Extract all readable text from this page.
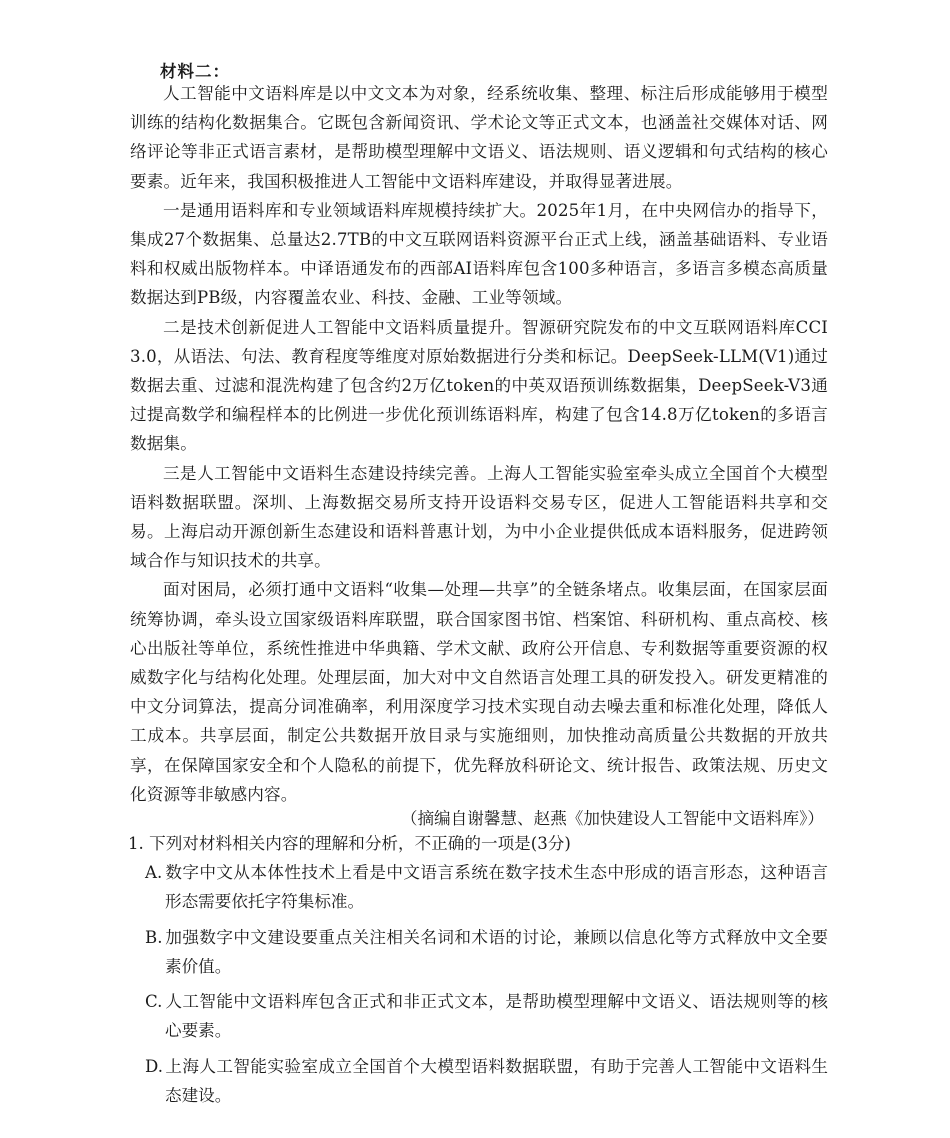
材料二：

人工智能中文语料库是以中文文本为对象，经系统收集、整理、标注后形成能够用于模型训练的结构化数据集合。它既包含新闻资讯、学术论文等正式文本，也涵盖社交媒体对话、网络评论等非正式语言素材，是帮助模型理解中文语义、语法规则、语义逻辑和句式结构的核心要素。近年来，我国积极推进人工智能中文语料库建设，并取得显著进展。

一是通用语料库和专业领域语料库规模持续扩大。2025年1月，在中央网信办的指导下，集成27个数据集、总量达2.7TB的中文互联网语料资源平台正式上线，涵盖基础语料、专业语料和权威出版物样本。中译语通发布的西部AI语料库包含100多种语言，多语言多模态高质量数据达到PB级，内容覆盖农业、科技、金融、工业等领域。

二是技术创新促进人工智能中文语料质量提升。智源研究院发布的中文互联网语料库CCI 3.0，从语法、句法、教育程度等维度对原始数据进行分类和标记。DeepSeek-LLM(V1)通过数据去重、过滤和混洗构建了包含约2万亿token的中英双语预训练数据集，DeepSeek-V3通过提高数学和编程样本的比例进一步优化预训练语料库，构建了包含14.8万亿token的多语言数据集。

三是人工智能中文语料生态建设持续完善。上海人工智能实验室牵头成立全国首个大模型语料数据联盟。深圳、上海数据交易所支持开设语料交易专区，促进人工智能语料共享和交易。上海启动开源创新生态建设和语料普惠计划，为中小企业提供低成本语料服务，促进跨领域合作与知识技术的共享。

面对困局，必须打通中文语料“收集—处理—共享”的全链条堵点。收集层面，在国家层面统筹协调，牵头设立国家级语料库联盟，联合国家图书馆、档案馆、科研机构、重点高校、核心出版社等单位，系统性推进中华典籍、学术文献、政府公开信息、专利数据等重要资源的权威数字化与结构化处理。处理层面，加大对中文自然语言处理工具的研发投入。研发更精准的中文分词算法，提高分词准确率，利用深度学习技术实现自动去噪去重和标准化处理，降低人工成本。共享层面，制定公共数据开放目录与实施细则，加快推动高质量公共数据的开放共享，在保障国家安全和个人隐私的前提下，优先释放科研论文、统计报告、政策法规、历史文化资源等非敏感内容。

（摘编自谢馨慧、赵燕《加快建设人工智能中文语料库》）
1. 下列对材料相关内容的理解和分析，不正确的一项是(3分)
A. 数字中文从本体性技术上看是中文语言系统在数字技术生态中形成的语言形态，这种语言形态需要依托字符集标准。
B. 加强数字中文建设要重点关注相关名词和术语的讨论，兼顾以信息化等方式释放中文全要素价值。
C. 人工智能中文语料库包含正式和非正式文本，是帮助模型理解中文语义、语法规则等的核心要素。
D. 上海人工智能实验室成立全国首个大模型语料数据联盟，有助于完善人工智能中文语料生态建设。
